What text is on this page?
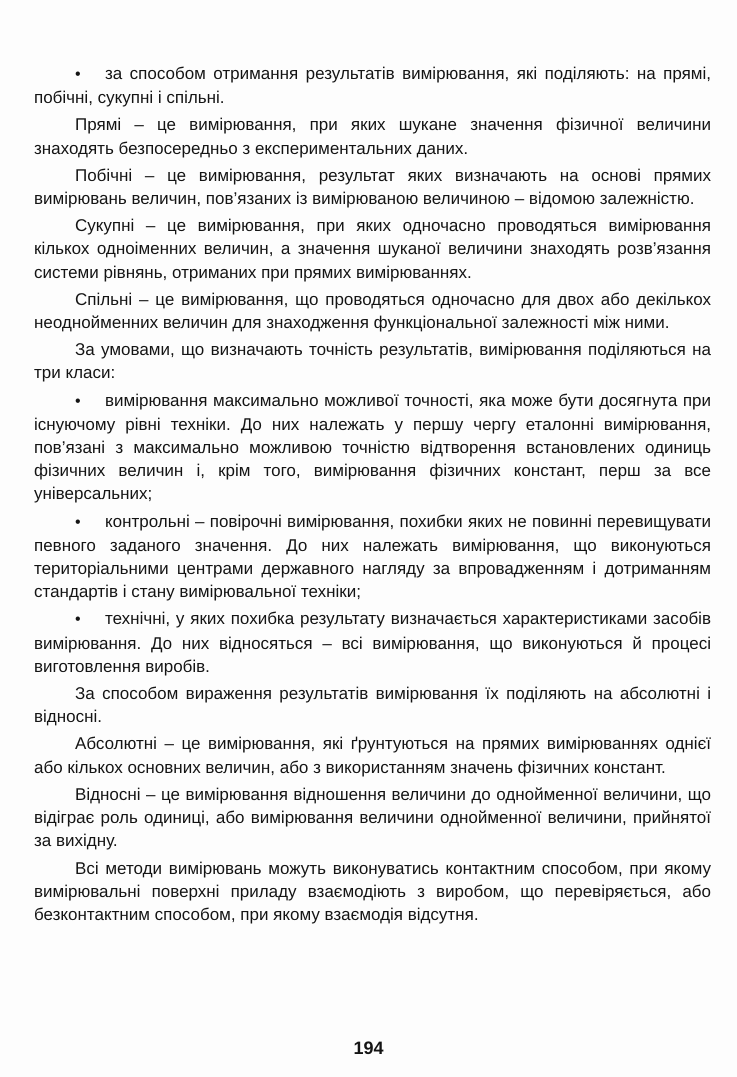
• за способом отримання результатів вимірювання, які поділяють: на прямі, побічні, сукупні і спільні.

Прямі – це вимірювання, при яких шукане значення фізичної величини знаходять безпосередньо з експериментальних даних.

Побічні – це вимірювання, результат яких визначають на основі прямих вимірювань величин, пов’язаних із вимірюваною величиною – відомою залежністю.

Сукупні – це вимірювання, при яких одночасно проводяться вимірювання кількох одноіменних величин, а значення шуканої величини знаходять розв’язання системи рівнянь, отриманих при прямих вимірюваннях.

Спільні – це вимірювання, що проводяться одночасно для двох або декількох неоднойменних величин для знаходження функціональної залежності між ними.

За умовами, що визначають точність результатів, вимірювання поділяються на три класи:

• вимірювання максимально можливої точності, яка може бути досягнута при існуючому рівні техніки. До них належать у першу чергу еталонні вимірювання, пов’язані з максимально можливою точністю відтворення встановлених одиниць фізичних величин і, крім того, вимірювання фізичних констант, перш за все універсальних;

• контрольні – повірочні вимірювання, похибки яких не повинні перевищувати певного заданого значення. До них належать вимірювання, що виконуються територіальними центрами державного нагляду за впровадженням і дотриманням стандартів і стану вимірювальної техніки;

• технічні, у яких похибка результату визначається характеристиками засобів вимірювання. До них відносяться – всі вимірювання, що виконуються й процесі виготовлення виробів.

За способом вираження результатів вимірювання їх поділяють на абсолютні і відносні.

Абсолютні – це вимірювання, які ґрунтуються на прямих вимірюваннях однієї або кількох основних величин, або з використанням значень фізичних констант.

Відносні – це вимірювання відношення величини до однойменної величини, що відіграє роль одиниці, або вимірювання величини однойменної величини, прийнятої за вихідну.

Всі методи вимірювань можуть виконуватись контактним способом, при якому вимірювальні поверхні приладу взаємодіють з виробом, що перевіряється, або безконтактним способом, при якому взаємодія відсутня.

194
